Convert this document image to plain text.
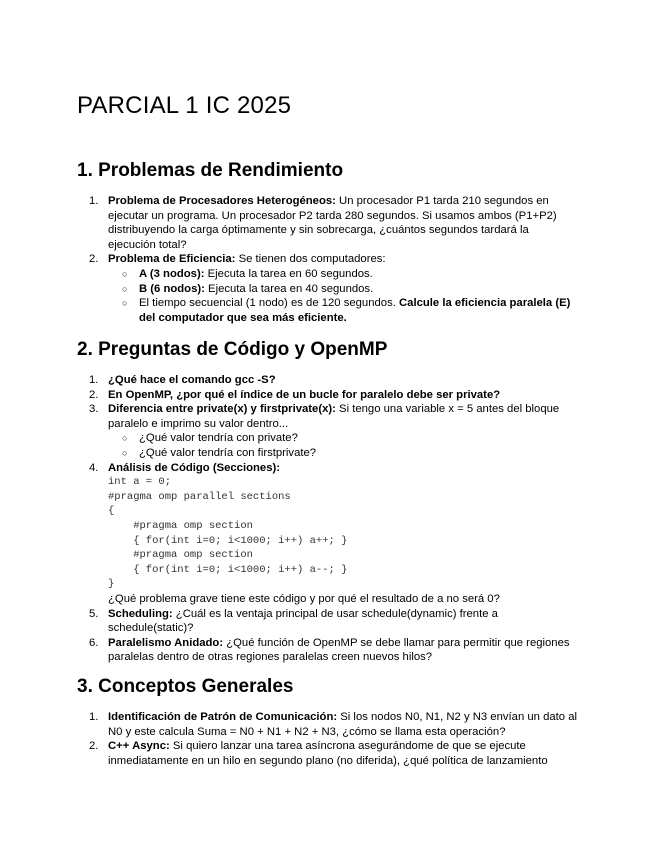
PARCIAL 1 IC 2025
1. Problemas de Rendimiento
1. Problema de Procesadores Heterogéneos: Un procesador P1 tarda 210 segundos en ejecutar un programa. Un procesador P2 tarda 280 segundos. Si usamos ambos (P1+P2) distribuyendo la carga óptimamente y sin sobrecarga, ¿cuántos segundos tardará la ejecución total?
2. Problema de Eficiencia: Se tienen dos computadores:
○ A (3 nodos): Ejecuta la tarea en 60 segundos.
○ B (6 nodos): Ejecuta la tarea en 40 segundos.
○ El tiempo secuencial (1 nodo) es de 120 segundos. Calcule la eficiencia paralela (E) del computador que sea más eficiente.
2. Preguntas de Código y OpenMP
1. ¿Qué hace el comando gcc -S?
2. En OpenMP, ¿por qué el índice de un bucle for paralelo debe ser private?
3. Diferencia entre private(x) y firstprivate(x): Si tengo una variable x = 5 antes del bloque paralelo e imprimo su valor dentro...
○ ¿Qué valor tendría con private?
○ ¿Qué valor tendría con firstprivate?
4. Análisis de Código (Secciones):
int a = 0;
#pragma omp parallel sections
{
#pragma omp section
{ for(int i=0; i<1000; i++) a++; }
#pragma omp section
{ for(int i=0; i<1000; i++) a--; }
}
¿Qué problema grave tiene este código y por qué el resultado de a no será 0?
5. Scheduling: ¿Cuál es la ventaja principal de usar schedule(dynamic) frente a schedule(static)?
6. Paralelismo Anidado: ¿Qué función de OpenMP se debe llamar para permitir que regiones paralelas dentro de otras regiones paralelas creen nuevos hilos?
3. Conceptos Generales
1. Identificación de Patrón de Comunicación: Si los nodos N0, N1, N2 y N3 envían un dato al N0 y este calcula Suma = N0 + N1 + N2 + N3, ¿cómo se llama esta operación?
2. C++ Async: Si quiero lanzar una tarea asíncrona asegurándome de que se ejecute inmediatamente en un hilo en segundo plano (no diferida), ¿qué política de lanzamiento
